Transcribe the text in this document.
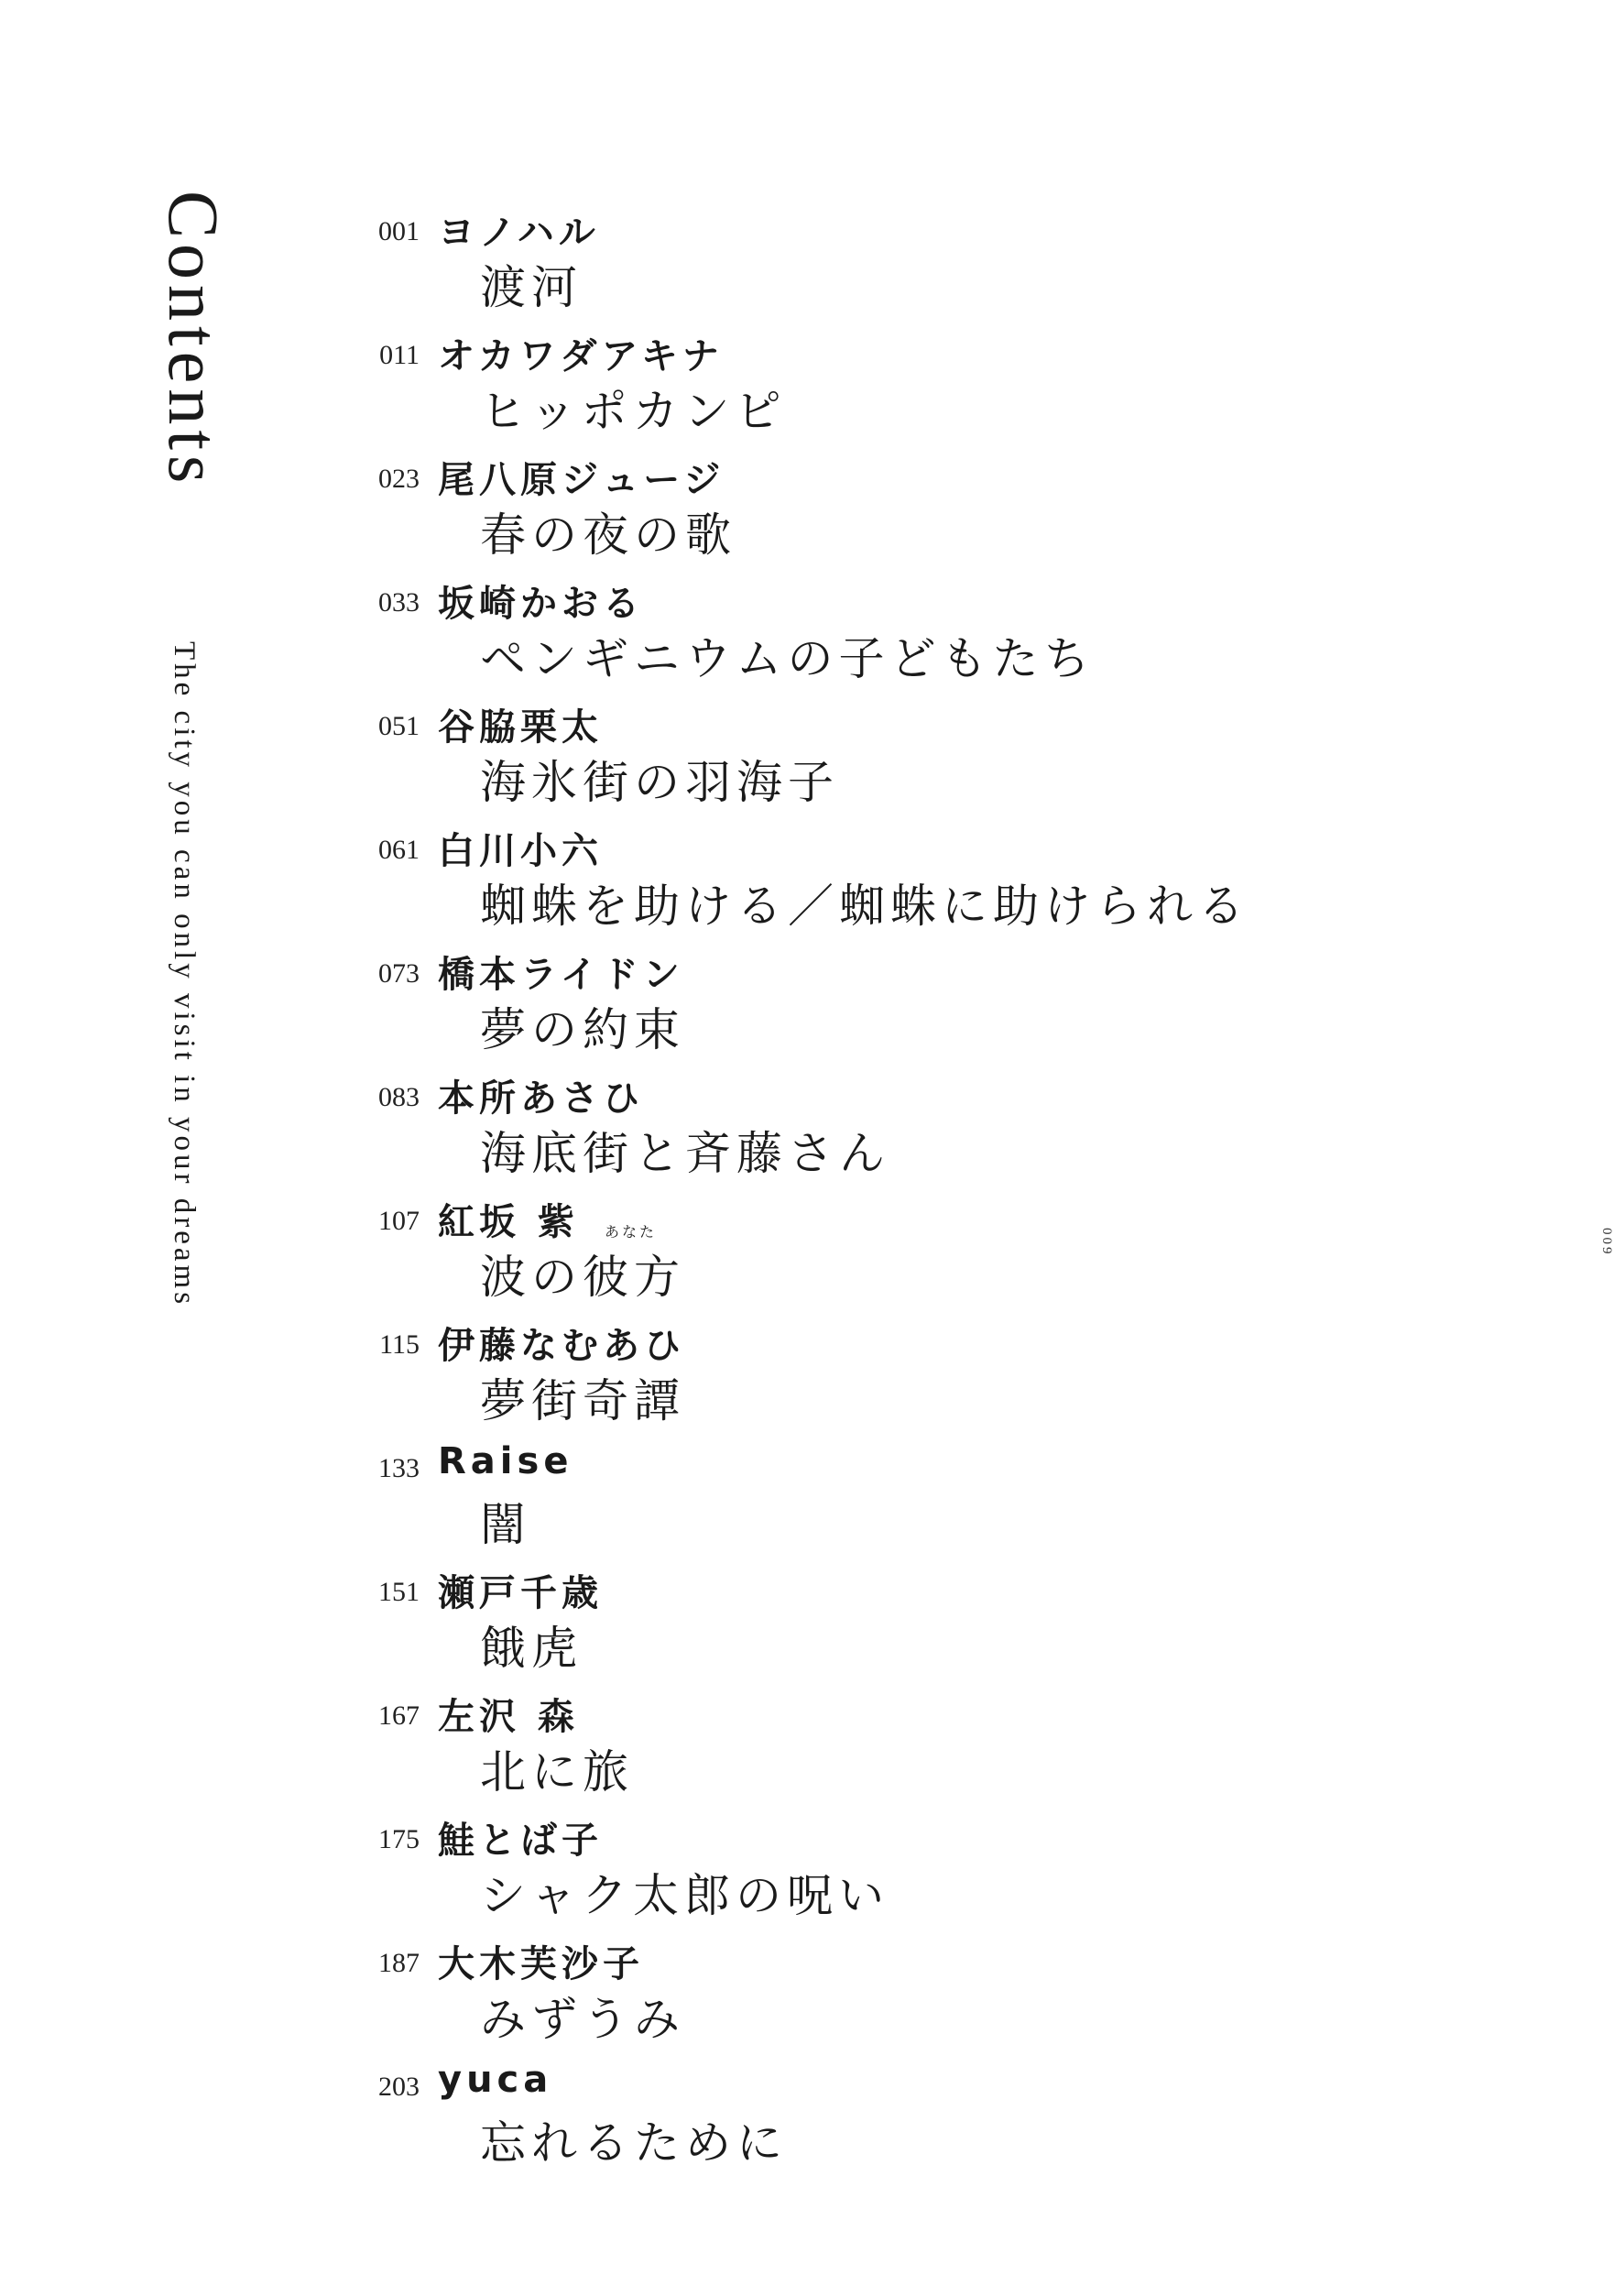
Contents
The city you can only visit in your dreams	009
001 ヨノハル
渡河
011 オカワダアキナ
ヒッポカンピ
023 尾八原ジュージ
春の夜の歌
033 坂崎かおる
ペンギニウムの子どもたち
051 谷脇栗太
海氷街の羽海子
061 白川小六
蜘蛛を助ける／蜘蛛に助けられる
073 橋本ライドン
夢の約束
083 本所あさひ
海底街と斉藤さん
107 紅坂 紫
波の彼方
115 伊藤なむあひ
夢街奇譚
133 Raise
闇
151 瀬戸千歳
餓虎
167 左沢 森
北に旅
175 鮭とば子
シャク太郎の呪い
187 大木芙沙子
みずうみ
203 yuca
忘れるために
あなた
